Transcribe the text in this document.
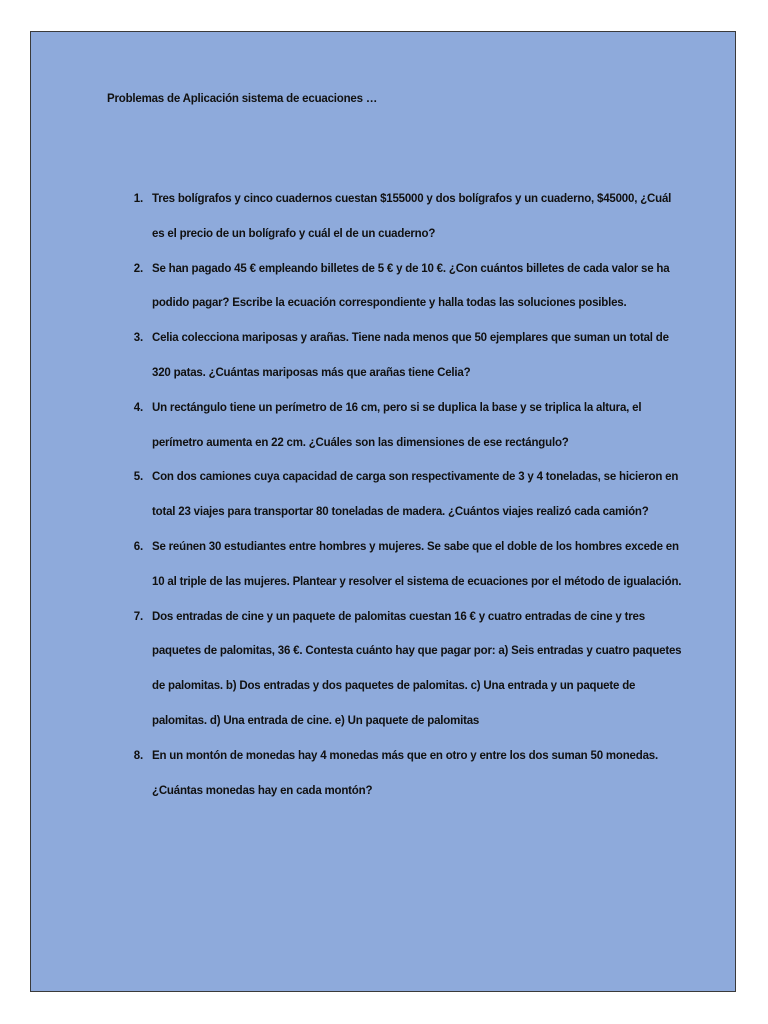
Problemas de Aplicación sistema de ecuaciones …

1. Tres bolígrafos y cinco cuadernos cuestan $155000 y dos bolígrafos y un cuaderno, $45000, ¿Cuál es el precio de un bolígrafo y cuál el de un cuaderno?
2. Se han pagado 45 € empleando billetes de 5 € y de 10 €. ¿Con cuántos billetes de cada valor se ha podido pagar? Escribe la ecuación correspondiente y halla todas las soluciones posibles.
3. Celia colecciona mariposas y arañas. Tiene nada menos que 50 ejemplares que suman un total de 320 patas. ¿Cuántas mariposas más que arañas tiene Celia?
4. Un rectángulo tiene un perímetro de 16 cm, pero si se duplica la base y se triplica la altura, el perímetro aumenta en 22 cm. ¿Cuáles son las dimensiones de ese rectángulo?
5. Con dos camiones cuya capacidad de carga son respectivamente de 3 y 4 toneladas, se hicieron en total 23 viajes para transportar 80 toneladas de madera. ¿Cuántos viajes realizó cada camión?
6. Se reúnen 30 estudiantes entre hombres y mujeres. Se sabe que el doble de los hombres excede en 10 al triple de las mujeres. Plantear y resolver el sistema de ecuaciones por el método de igualación.
7. Dos entradas de cine y un paquete de palomitas cuestan 16 € y cuatro entradas de cine y tres paquetes de palomitas, 36 €. Contesta cuánto hay que pagar por: a) Seis entradas y cuatro paquetes de palomitas. b) Dos entradas y dos paquetes de palomitas. c) Una entrada y un paquete de palomitas. d) Una entrada de cine. e) Un paquete de palomitas
8. En un montón de monedas hay 4 monedas más que en otro y entre los dos suman 50 monedas. ¿Cuántas monedas hay en cada montón?
